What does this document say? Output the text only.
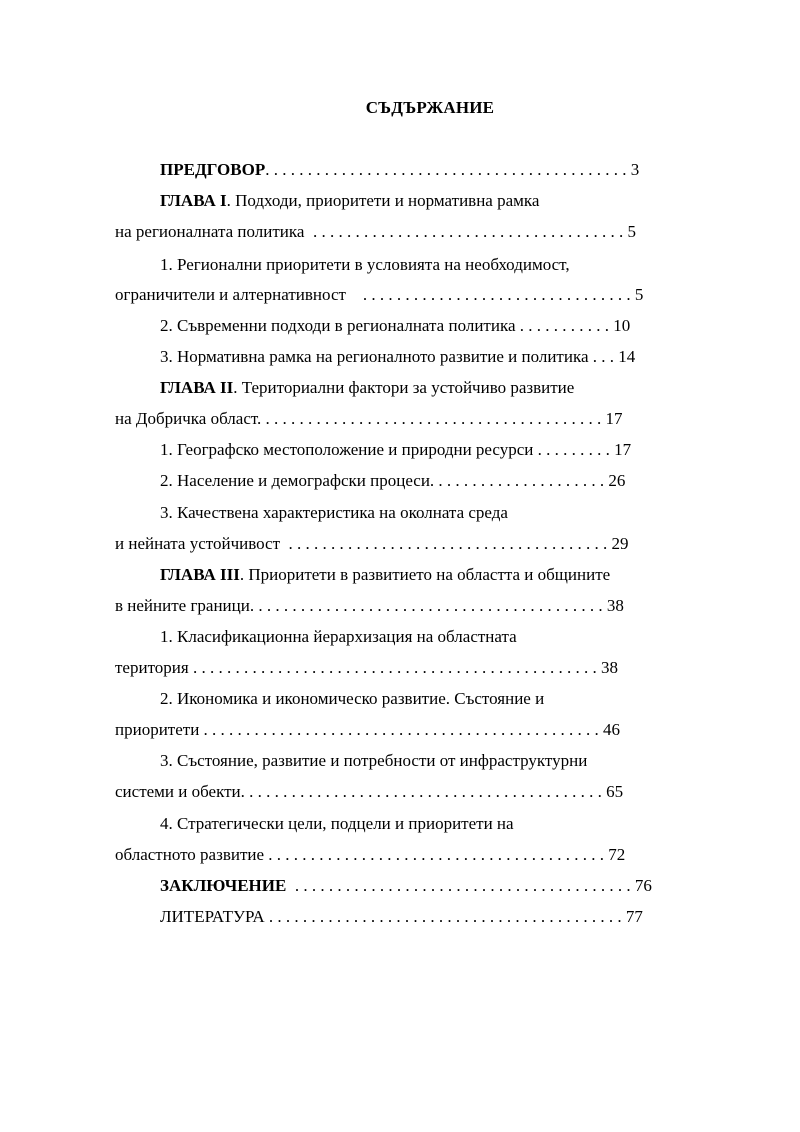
СЪДЪРЖАНИЕ
ПРЕДГОВОР. . . . . . . . . . . . . . . . . . . . . . . . . . . . . . . . . . . . . . . . . . . 3
ГЛАВА І. Подходи, приоритети и нормативна рамка
на регионалната политика  . . . . . . . . . . . . . . . . . . . . . . . . . . . . . . . . . . . . . 5
1. Регионални приоритети в условията на необходимост,
ограничители и алтернативност    . . . . . . . . . . . . . . . . . . . . . . . . . . . . . . . . 5
2. Съвременни подходи в регионалната политика . . . . . . . . . . . 10
3. Нормативна рамка на регионалното развитие и политика . . . 14
ГЛАВА ІІ. Териториални фактори за устойчиво развитие
на Добричка област. . . . . . . . . . . . . . . . . . . . . . . . . . . . . . . . . . . . . . . . . 17
1. Географско местоположение и природни ресурси . . . . . . . . . 17
2. Население и демографски процеси. . . . . . . . . . . . . . . . . . . . . 26
3. Качествена характеристика на околната среда
и нейната устойчивост  . . . . . . . . . . . . . . . . . . . . . . . . . . . . . . . . . . . . . . 29
ГЛАВА ІІІ. Приоритети в развитието на областта и общините
в нейните граници. . . . . . . . . . . . . . . . . . . . . . . . . . . . . . . . . . . . . . . . . . 38
1. Класификационна йерархизация на областната
територия . . . . . . . . . . . . . . . . . . . . . . . . . . . . . . . . . . . . . . . . . . . . . . . . 38
2. Икономика и икономическо развитие. Състояние и
приоритети . . . . . . . . . . . . . . . . . . . . . . . . . . . . . . . . . . . . . . . . . . . . . . . 46
3. Състояние, развитие и потребности от инфраструктурни
системи и обекти. . . . . . . . . . . . . . . . . . . . . . . . . . . . . . . . . . . . . . . . . . . 65
4. Стратегически цели, подцели и приоритети на
областното развитие . . . . . . . . . . . . . . . . . . . . . . . . . . . . . . . . . . . . . . . . 72
ЗАКЛЮЧЕНИЕ  . . . . . . . . . . . . . . . . . . . . . . . . . . . . . . . . . . . . . . . . 76
ЛИТЕРАТУРА . . . . . . . . . . . . . . . . . . . . . . . . . . . . . . . . . . . . . . . . . . 77
